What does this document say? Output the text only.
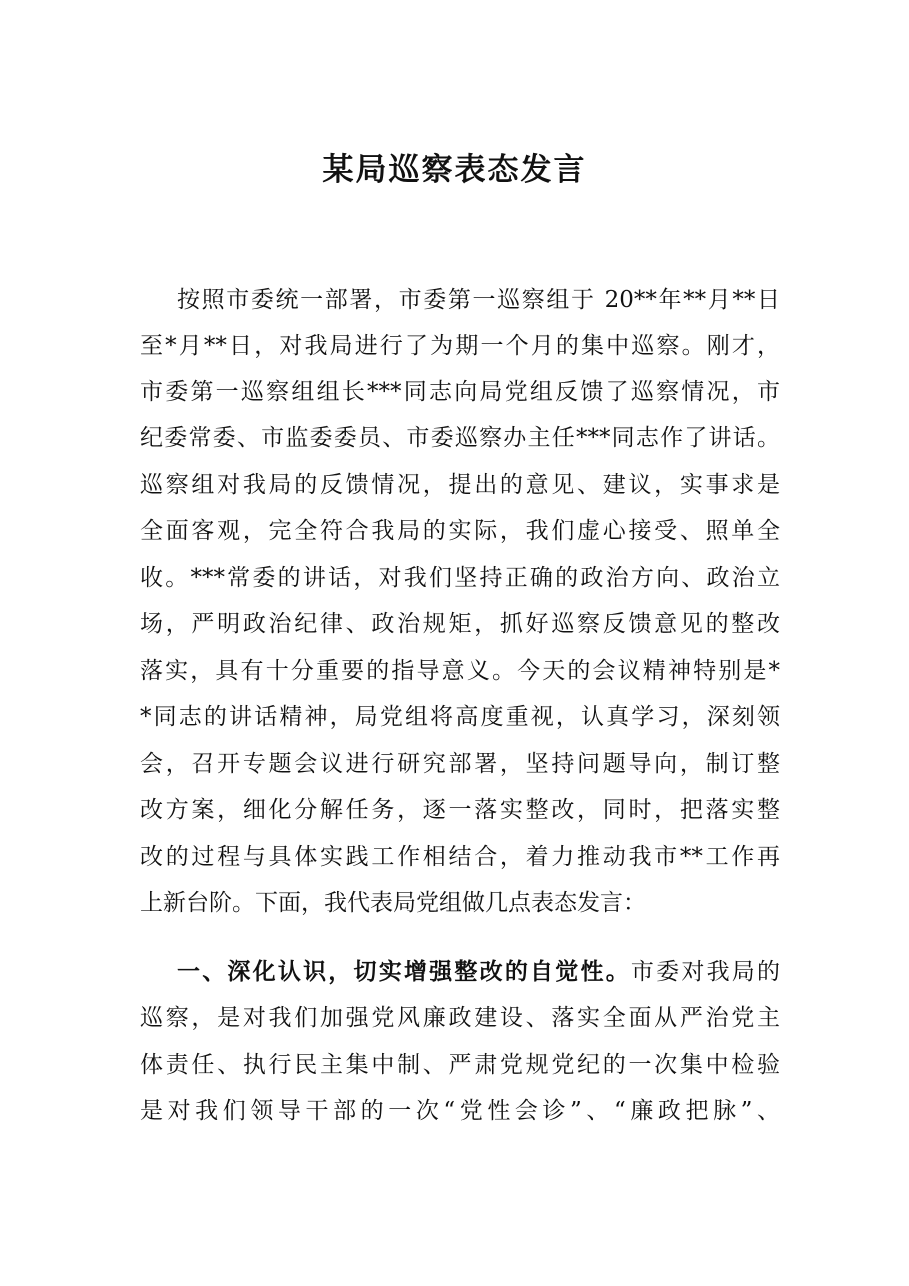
某局巡察表态发言
按照市委统一部署，市委第一巡察组于 20**年**月**日
至*月**日，对我局进行了为期一个月的集中巡察。刚才，
市委第一巡察组组长***同志向局党组反馈了巡察情况，市
纪委常委、市监委委员、市委巡察办主任***同志作了讲话。
巡察组对我局的反馈情况，提出的意见、建议，实事求是
全面客观，完全符合我局的实际，我们虚心接受、照单全
收。***常委的讲话，对我们坚持正确的政治方向、政治立
场，严明政治纪律、政治规矩，抓好巡察反馈意见的整改
落实，具有十分重要的指导意义。今天的会议精神特别是*
*同志的讲话精神，局党组将高度重视，认真学习，深刻领
会，召开专题会议进行研究部署，坚持问题导向，制订整
改方案，细化分解任务，逐一落实整改，同时，把落实整
改的过程与具体实践工作相结合，着力推动我市**工作再
上新台阶。下面，我代表局党组做几点表态发言：
一、深化认识，切实增强整改的自觉性。市委对我局的
巡察，是对我们加强党风廉政建设、落实全面从严治党主
体责任、执行民主集中制、严肃党规党纪的一次集中检验
是对我们领导干部的一次“党性会诊”、“廉政把脉”、
